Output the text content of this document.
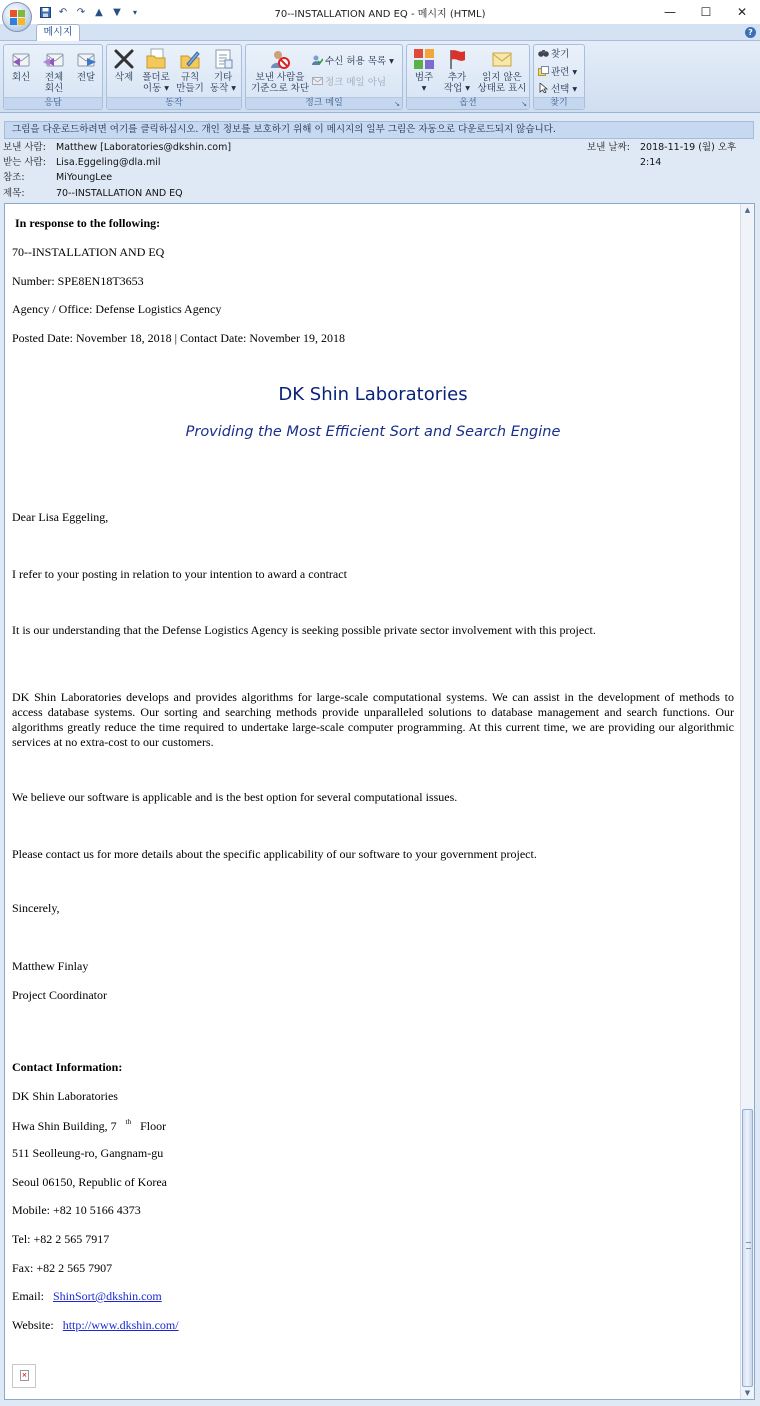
↶ ↷ ▲	▼	▾	70--INSTALLATION AND EQ - 메시지 (HTML)	—	☐	✕
메시지	?
회신	전체
회신
전달
응답
삭제 폴더로
이동 ▾
규칙
만들기
기타
동작 ▾
동작
보낸 사람을
기준으로 차단
수신 허용 목록 ▾
정크 메일 아님
정크 메일	↘
범주
▾
추가
작업 ▾
읽지 않은
상태로 표시
옵션	↘
찾기
관련 ▾
선택 ▾
찾기
그림을 다운로드하려면 여기를 클릭하십시오. 개인 정보를 보호하기 위해 이 메시지의 일부 그림은 자동으로 다운로드되지 않습니다.
보낸 사람: Matthew [Laboratories@dkshin.com]	보낸 날짜: 2018-11-19 (월) 오후 2:14
받는 사람: Lisa.Eggeling@dla.mil
참조:	MiYoungLee
제목:	70--INSTALLATION AND EQ
In response to the following:
70--INSTALLATION AND EQ
Number: SPE8EN18T3653
Agency / Office: Defense Logistics Agency
Posted Date: November 18, 2018 | Contact Date: November 19, 2018
DK Shin Laboratories
Providing the Most Efficient Sort and Search Engine
Dear Lisa Eggeling,
I refer to your posting in relation to your intention to award a contract
It is our understanding that the Defense Logistics Agency is seeking possible private sector involvement with this project.
DK Shin Laboratories develops and provides algorithms for large-scale computational systems. We can assist in the development of methods to access database systems. Our sorting and searching methods provide unparalleled solutions to database management and search functions. Our algorithms greatly reduce the time required to undertake large-scale computer programming. At this current time, we are providing our algorithmic services at no extra-cost to our customers.
We believe our software is applicable and is the best option for several computational issues.
Please contact us for more details about the specific applicability of our software to your government project.
Sincerely,
Matthew Finlay
Project Coordinator
Contact Information:
DK Shin Laboratories
Hwa Shin Building, 7 $^{th}$ Floor
511 Seolleung-ro, Gangnam-gu
Seoul 06150, Republic of Korea
Mobile: +82 10 5166 4373
Tel: +82 2 565 7917
Fax: +82 2 565 7907
Email: ShinSort@dkshin.com
Website: http://www.dkshin.com/
×
▲
▼
